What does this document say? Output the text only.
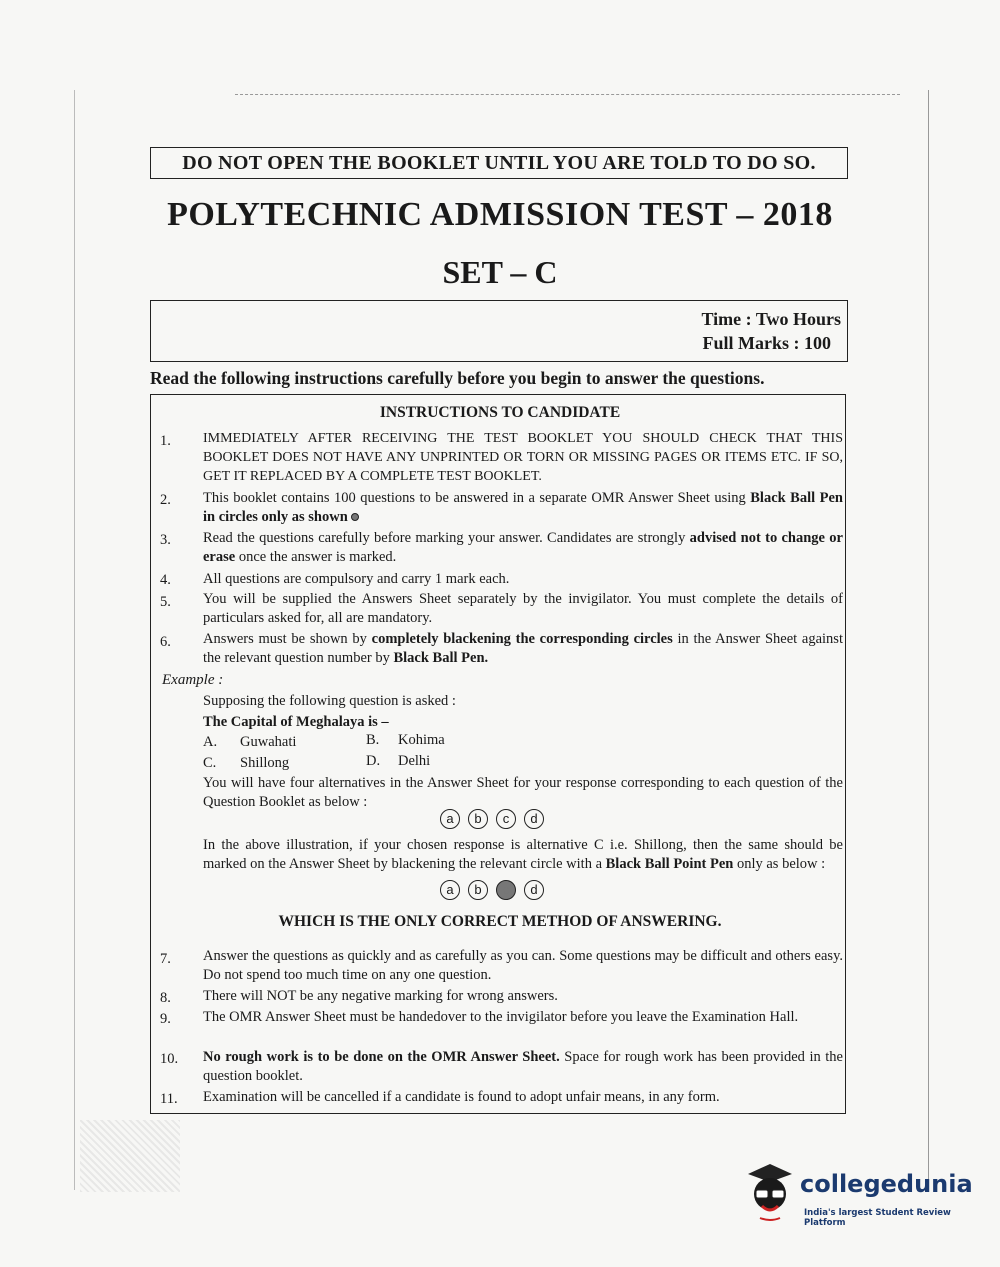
DO NOT OPEN THE BOOKLET UNTIL YOU ARE TOLD TO DO SO.
POLYTECHNIC ADMISSION TEST – 2018
SET – C
Time : Two Hours
Full Marks : 100
Read the following instructions carefully before you begin to answer the questions.
INSTRUCTIONS TO CANDIDATE
1. IMMEDIATELY AFTER RECEIVING THE TEST BOOKLET YOU SHOULD CHECK THAT THIS BOOKLET DOES NOT HAVE ANY UNPRINTED OR TORN OR MISSING PAGES OR ITEMS ETC. IF SO, GET IT REPLACED BY A COMPLETE TEST BOOKLET.
2. This booklet contains 100 questions to be answered in a separate OMR Answer Sheet using Black Ball Pen in circles only as shown
3. Read the questions carefully before marking your answer. Candidates are strongly advised not to change or erase once the answer is marked.
4. All questions are compulsory and carry 1 mark each.
5. You will be supplied the Answers Sheet separately by the invigilator. You must complete the details of particulars asked for, all are mandatory.
6. Answers must be shown by completely blackening the corresponding circles in the Answer Sheet against the relevant question number by Black Ball Pen.
Example :
Supposing the following question is asked :
The Capital of Meghalaya is –
A. Guwahati	B. Kohima
C. Shillong	D. Delhi
You will have four alternatives in the Answer Sheet for your response corresponding to each question of the Question Booklet as below :
a b c d
In the above illustration, if your chosen response is alternative C i.e. Shillong, then the same should be marked on the Answer Sheet by blackening the relevant circle with a Black Ball Point Pen only as below :
a b c d
WHICH IS THE ONLY CORRECT METHOD OF ANSWERING.
7. Answer the questions as quickly and as carefully as you can. Some questions may be difficult and others easy. Do not spend too much time on any one question.
8. There will NOT be any negative marking for wrong answers.
9. The OMR Answer Sheet must be handedover to the invigilator before you leave the Examination Hall.
10. No rough work is to be done on the OMR Answer Sheet. Space for rough work has been provided in the question booklet.
11. Examination will be cancelled if a candidate is found to adopt unfair means, in any form.
collegedunia
India's largest Student Review Platform
